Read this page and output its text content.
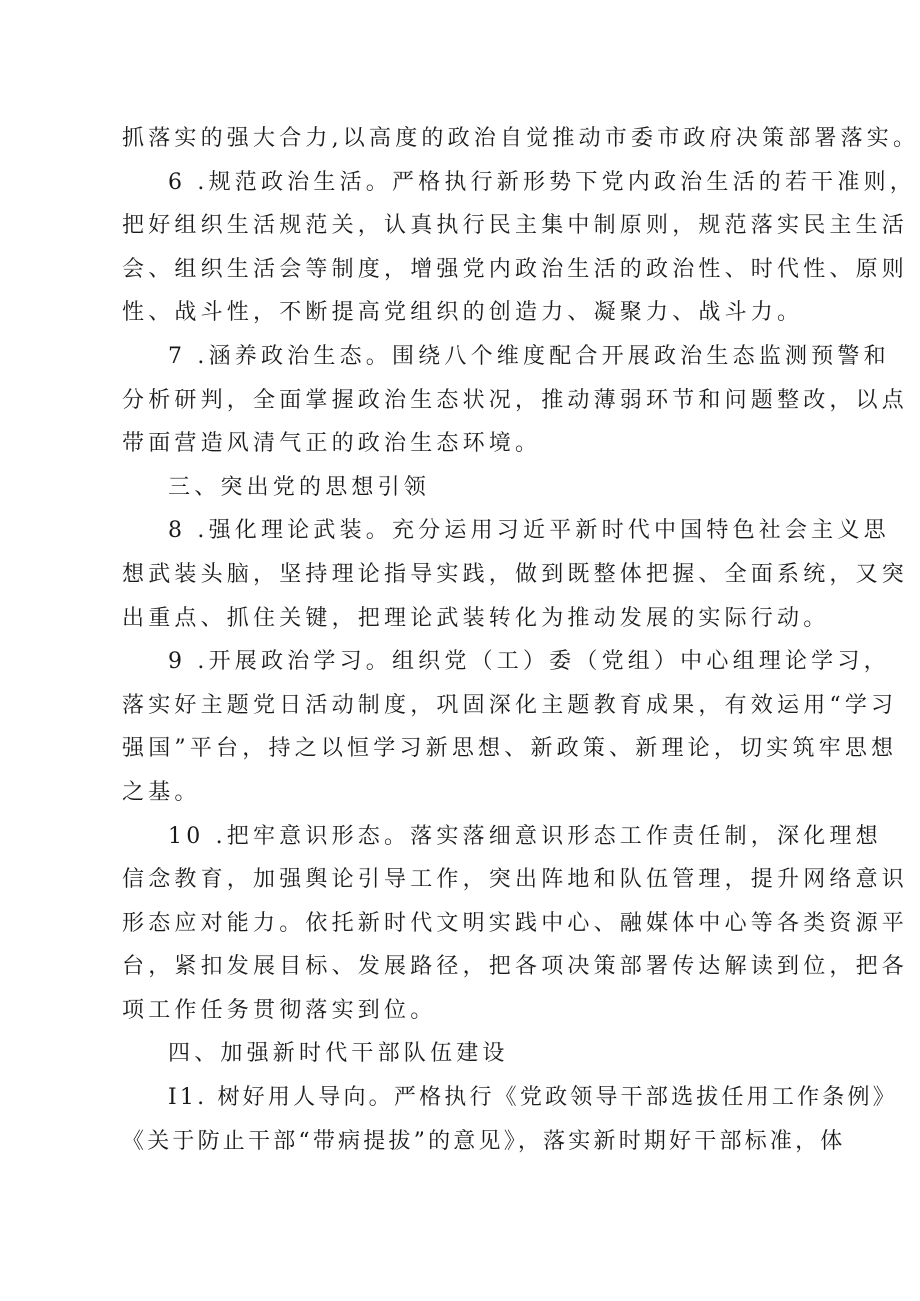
抓落实的强大合力,以高度的政治自觉推动市委市政府决策部署落实。
6 .规范政治生活。严格执行新形势下党内政治生活的若干准则，
把好组织生活规范关，认真执行民主集中制原则，规范落实民主生活
会、组织生活会等制度，增强党内政治生活的政治性、时代性、原则
性、战斗性，不断提高党组织的创造力、凝聚力、战斗力。
7 .涵养政治生态。围绕八个维度配合开展政治生态监测预警和
分析研判，全面掌握政治生态状况，推动薄弱环节和问题整改，以点
带面营造风清气正的政治生态环境。
三、突出党的思想引领
8 .强化理论武装。充分运用习近平新时代中国特色社会主义思
想武装头脑，坚持理论指导实践，做到既整体把握、全面系统，又突
出重点、抓住关键，把理论武装转化为推动发展的实际行动。
9 .开展政治学习。组织党（工）委（党组）中心组理论学习，
落实好主题党日活动制度，巩固深化主题教育成果，有效运用“学习
强国”平台，持之以恒学习新思想、新政策、新理论，切实筑牢思想
之基。
10 .把牢意识形态。落实落细意识形态工作责任制，深化理想
信念教育，加强舆论引导工作，突出阵地和队伍管理，提升网络意识
形态应对能力。依托新时代文明实践中心、融媒体中心等各类资源平
台，紧扣发展目标、发展路径，把各项决策部署传达解读到位，把各
项工作任务贯彻落实到位。
四、加强新时代干部队伍建设
I1. 树好用人导向。严格执行《党政领导干部选拔任用工作条例》
《关于防止干部“带病提拔”的意见》，落实新时期好干部标准，体
